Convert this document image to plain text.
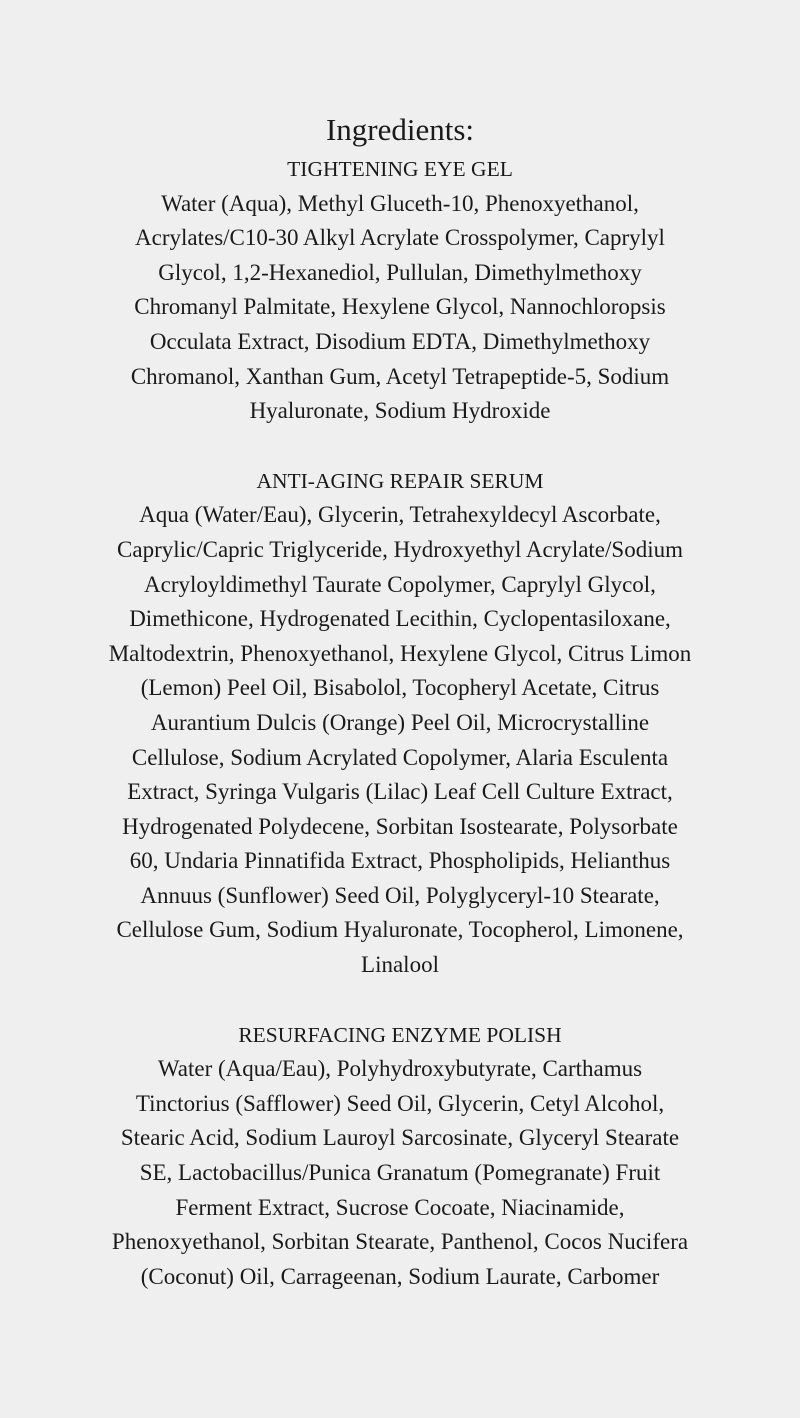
Ingredients:
TIGHTENING EYE GEL

Water (Aqua), Methyl Gluceth-10, Phenoxyethanol,
Acrylates/C10-30 Alkyl Acrylate Crosspolymer, Caprylyl
Glycol, 1,2-Hexanediol, Pullulan, Dimethylmethoxy
Chromanyl Palmitate, Hexylene Glycol, Nannochloropsis
Occulata Extract, Disodium EDTA, Dimethylmethoxy
Chromanol, Xanthan Gum, Acetyl Tetrapeptide-5, Sodium
Hyaluronate, Sodium Hydroxide

ANTI-AGING REPAIR SERUM

Aqua (Water/Eau), Glycerin, Tetrahexyldecyl Ascorbate,
Caprylic/Capric Triglyceride, Hydroxyethyl Acrylate/Sodium
Acryloyldimethyl Taurate Copolymer, Caprylyl Glycol,
Dimethicone, Hydrogenated Lecithin, Cyclopentasiloxane,
Maltodextrin, Phenoxyethanol, Hexylene Glycol, Citrus Limon
(Lemon) Peel Oil, Bisabolol, Tocopheryl Acetate, Citrus
Aurantium Dulcis (Orange) Peel Oil, Microcrystalline
Cellulose, Sodium Acrylated Copolymer, Alaria Esculenta
Extract, Syringa Vulgaris (Lilac) Leaf Cell Culture Extract,
Hydrogenated Polydecene, Sorbitan Isostearate, Polysorbate
60, Undaria Pinnatifida Extract, Phospholipids, Helianthus
Annuus (Sunflower) Seed Oil, Polyglyceryl-10 Stearate,
Cellulose Gum, Sodium Hyaluronate, Tocopherol, Limonene,
Linalool

RESURFACING ENZYME POLISH

Water (Aqua/Eau), Polyhydroxybutyrate, Carthamus
Tinctorius (Safflower) Seed Oil, Glycerin, Cetyl Alcohol,
Stearic Acid, Sodium Lauroyl Sarcosinate, Glyceryl Stearate
SE, Lactobacillus/Punica Granatum (Pomegranate) Fruit
Ferment Extract, Sucrose Cocoate, Niacinamide,
Phenoxyethanol, Sorbitan Stearate, Panthenol, Cocos Nucifera
(Coconut) Oil, Carrageenan, Sodium Laurate, Carbomer
